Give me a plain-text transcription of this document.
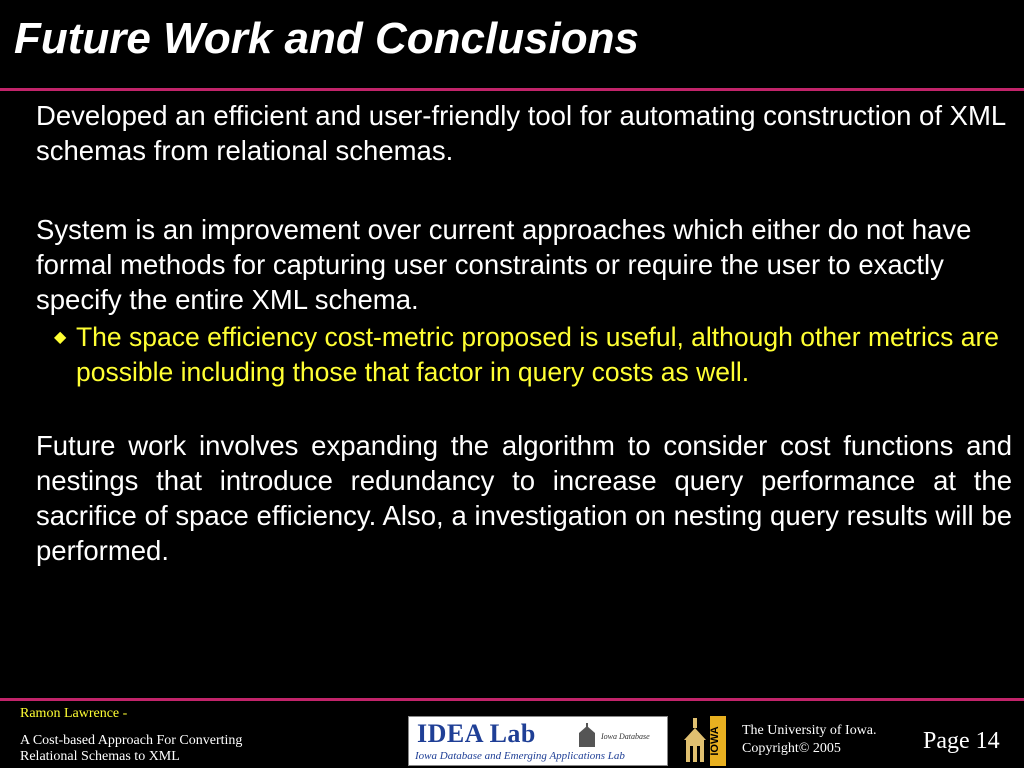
Future Work and Conclusions

Developed an efficient and user-friendly tool for automating construction of XML schemas from relational schemas.

System is an improvement over current approaches which either do not have formal methods for capturing user constraints or require the user to exactly specify the entire XML schema.

◆ The space efficiency cost-metric proposed is useful, although other metrics are possible including those that factor in query costs as well.

Future work involves expanding the algorithm to consider cost functions and nestings that introduce redundancy to increase query performance at the sacrifice of space efficiency. Also, a investigation on nesting query results will be performed.

Ramon Lawrence -
A Cost-based Approach For Converting
Relational Schemas to XML
IDEA Lab	Iowa Database
Iowa Database and Emerging Applications Lab
IOWA The University of Iowa.
Copyright© 2005	Page 14
